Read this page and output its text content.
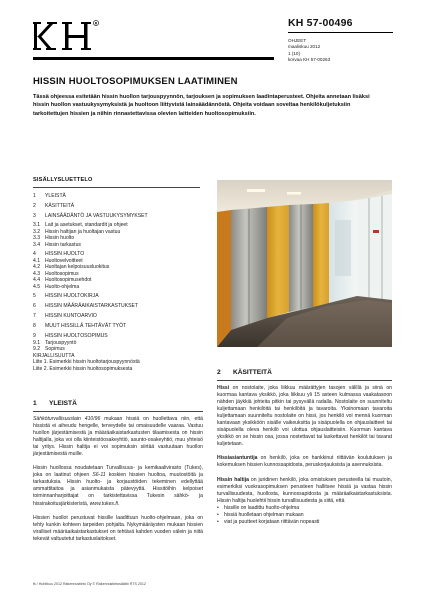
R	KH 57-00496
OHJEET
maaliskuu 2012
1 (10)
korvaa KH 57-00263
HISSIN HUOLTOSOPIMUKSEN LAATIMINEN
Tässä ohjeessa esitetään hissin huollon tarjouspyynnön, tarjouksen ja sopimuksen laadintaperusteet. Ohjeita annetaan lisäksi hissin huollon vastuukysymyksistä ja huoltoon liittyvistä lainsäädännöstä. Ohjeita voidaan soveltaa henkilökuljetuksiin tarkoitettujen hissien ja niihin rinnastettavissa olevien laitteiden huoltosopimuksiin.
SISÄLLYSLUETTELO
1 YLEISTÄ
2 KÄSITTEITÄ
3 LAINSÄÄDÄNTÖ JA VASTUUKYSYMYKSET
3.1 Lait ja asetukset, standardit ja ohjeet
3.2 Hissin haltijan ja huoltajan vastuu
3.3 Hissin huolto
3.4 Hissin tarkastus
4 HISSIN HUOLTO
4.1 Huoltovelvoitteet
4.2 Huoltajan kelpoisuusluokitus
4.3 Huoltosopimus
4.4 Huoltosopimusehdot
4.5 Huolto-ohjelma
5 HISSIN HUOLTOKIRJA
6 HISSIN MÄÄRÄAIKAISTARKASTUKSET
7 HISSIN KUNTOARVIO
8 MUUT HISSILLÄ TEHTÄVÄT TYÖT
9 HISSIN HUOLTOSOPIMUS
9.1 Tarjouspyyntö
9.2 Sopimus
KIRJALLISUUTTA
Liite 1. Esimerkki hissin huoltotarjouspyynnöstä
Liite 2. Esimerkki hissin huoltosopimuksesta
1 YLEISTÄ

Sähköturvallisuuslain 410/96 mukaan hissiä on huollettava niin, että hissistä ei aiheudu hengelle, terveydelle tai omaisuudelle vaaraa. Vastuu huollon järjestämisestä ja määräaikaistarkastusten tilaamisesta on hissin haltijalla, joka voi olla kiinteistöosakeyhtiö, asunto-osakeyhtiö, muu yhteisö tai yritys. Hissin haltija ei voi sopimuksin siirtää vastuutaan huollon järjestämisestä muille.

Hissin huollossa noudatetaan Turvallisuus- ja kemikaalivirasto (Tukes), joka on laatinut ohjeen S6-11 koskien hissien huoltoa, muutostöitä ja tarkastuksia. Hissin huolto- ja korjaustöiden tekeminen edellyttää ammattitaitoa ja asianmukaista pätevyyttä. Hissitöihin kelpoiset toiminnanharjoittajat on tarkistettavissa Tukesin sähkö- ja hissirakoitusjärkisteristä, www.tukes.fi.

Hissien huollot perustuvat hissille laadittuun huolto-ohjelmaan, joka on tehty kunkin kohteen tarpeiden pohjalta. Nykymääräysten mukaan hissien viralliset määräaikaistarkastukset on tehtävä kahden vuoden välein ja niitä tekevät valtuutetut tarkastuslaitokset.

2 KÄSITTEITÄ

Hissi on nostolaite, joka liikkuu määrättyjen tasojen välillä ja siinä on kuormaa kantava yksikkö, joka liikkuu yli 15 asteen kulmassa vaakatasoon nähden jäykkiä johteita pitkin tai pysyvällä radalla. Nostolaite on suunniteltu kuljettamaan henkilöitä tai henkilöitä ja tavaroita. Yksinomaan tavaroita kuljettamaan suunniteltu nostolaite on hissi, jos henkilö voi mennä kuorman kantavaan yksikköön sisälle vaikeuksitta ja sisäpuolella on ohjauslaitteet tai sisäpuolella oleva henkilö voi ulottua ohjauslaitteisiin. Kuorman kantava yksikkö on se hissin osa, jossa nostettavat tai laskettavat henkilöt tai tavarat kuljetetaan.

Hissiasiantuntija on henkilö, joka on hankkinut riittävän koulutuksen ja kokemuksen hissien kunnossapidosta, peruskorjauksista ja asennuksista.

Hissin haltija on juridinen henkilö, joka omistuksen perusteella tai muutoin, esimerkiksi vuokrasopimuksen perusteen hallitsee hissiä ja vastaa hissin turvallisuudesta, huollosta, kunnossapidosta ja määräaikaistarkastuksista. Hissin haltija huolehtii hissin turvallisuudesta ja siitä, että

• hissille on laadittu huolto-ohjelma
• hissiä huolletaan ohjelman mukaan
• viat ja puutteet korjataan riittävän nopeasti
fk / Huhtikuu 2012 Rakennustieto Oy © Rakennustietosäätiö RTS 2012
